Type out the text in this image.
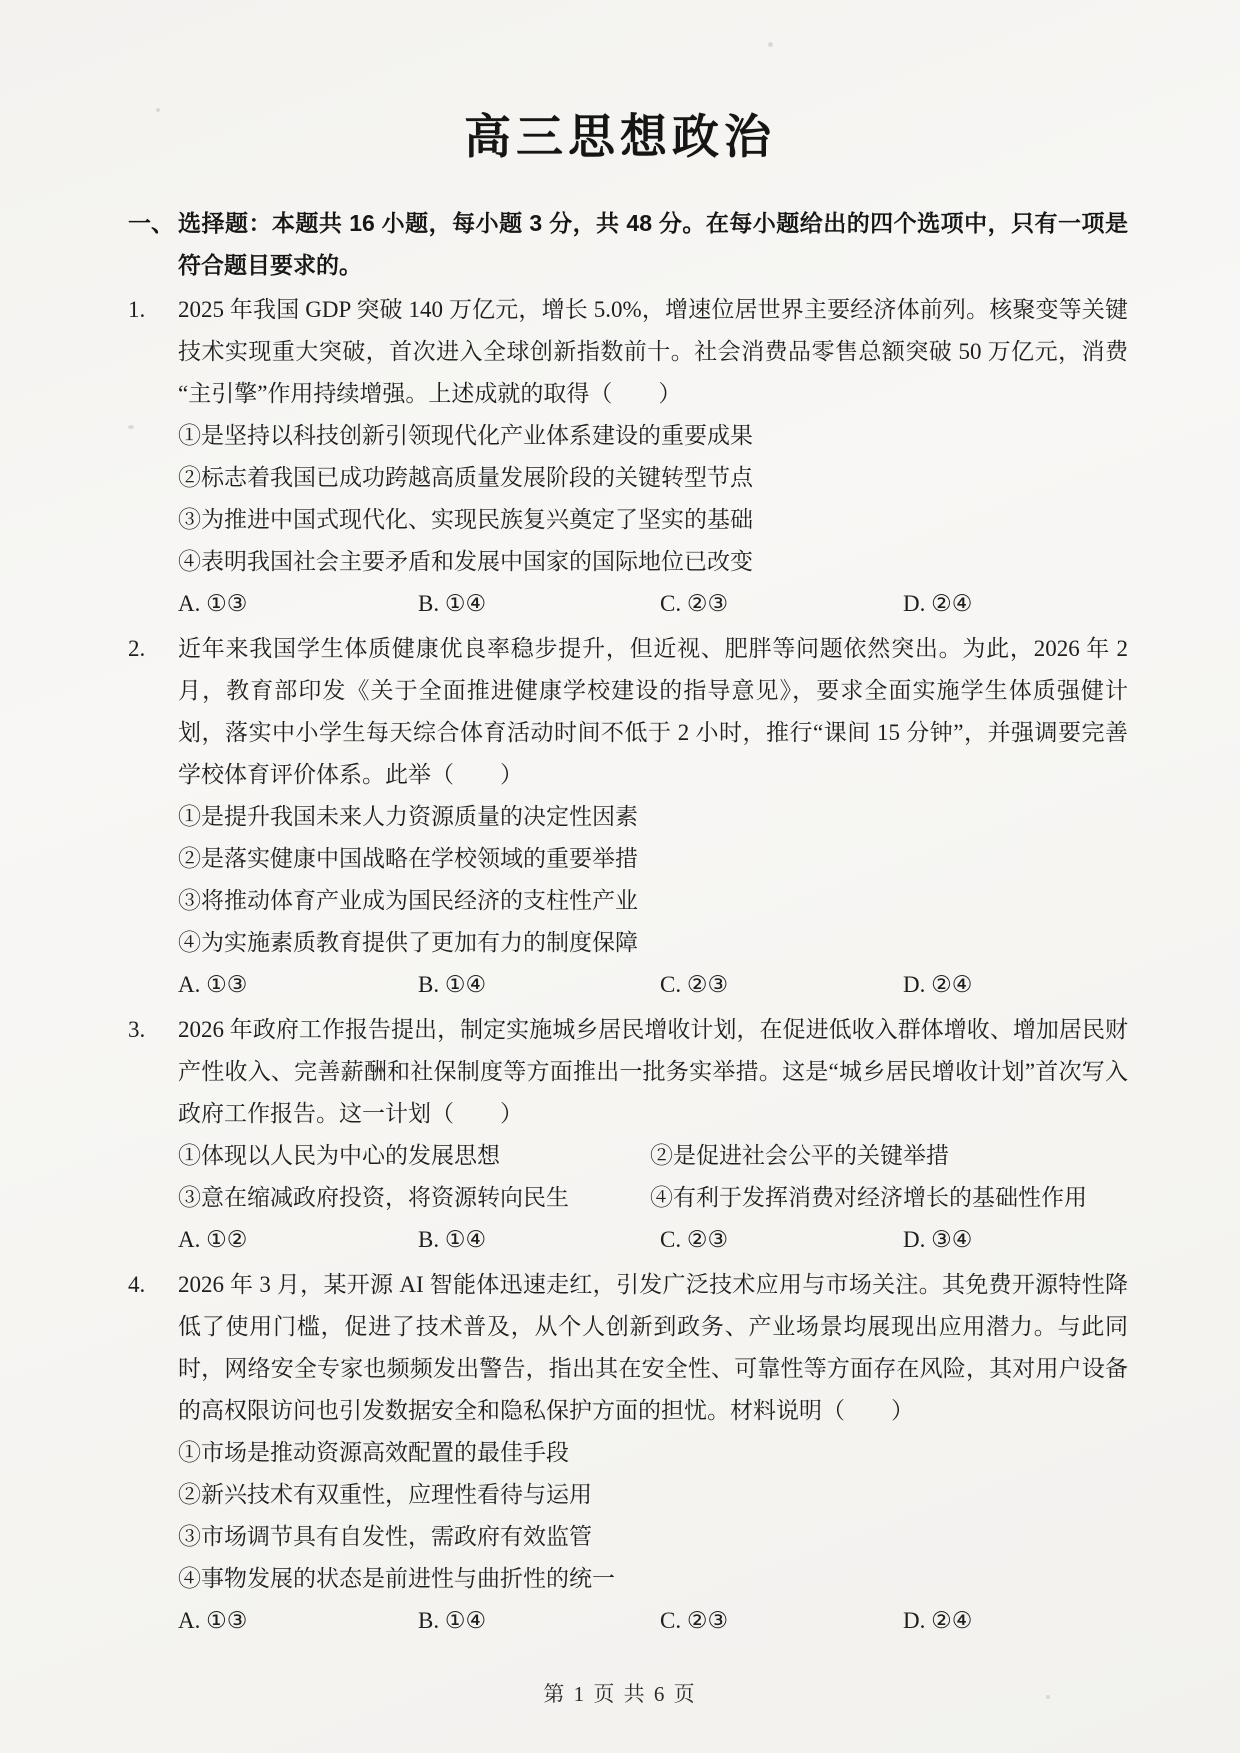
高三思想政治
一、 选择题：本题共 16 小题，每小题 3 分，共 48 分。在每小题给出的四个选项中，只有一项是符合题目要求的。
1.	2025 年我国 GDP 突破 140 万亿元，增长 5.0%，增速位居世界主要经济体前列。核聚变等关键技术实现重大突破，首次进入全球创新指数前十。社会消费品零售总额突破 50 万亿元，消费“主引擎”作用持续增强。上述成就的取得（　　）

①是坚持以科技创新引领现代化产业体系建设的重要成果
②标志着我国已成功跨越高质量发展阶段的关键转型节点
③为推进中国式现代化、实现民族复兴奠定了坚实的基础
④表明我国社会主要矛盾和发展中国家的国际地位已改变
A. ①③	B. ①④	C. ②③	D. ②④
2.	近年来我国学生体质健康优良率稳步提升，但近视、肥胖等问题依然突出。为此，2026 年 2 月，教育部印发《关于全面推进健康学校建设的指导意见》，要求全面实施学生体质强健计划，落实中小学生每天综合体育活动时间不低于 2 小时，推行“课间 15 分钟”，并强调要完善学校体育评价体系。此举（　　）

①是提升我国未来人力资源质量的决定性因素
②是落实健康中国战略在学校领域的重要举措
③将推动体育产业成为国民经济的支柱性产业
④为实施素质教育提供了更加有力的制度保障
A. ①③	B. ①④	C. ②③	D. ②④
3.	2026 年政府工作报告提出，制定实施城乡居民增收计划，在促进低收入群体增收、增加居民财产性收入、完善薪酬和社保制度等方面推出一批务实举措。这是“城乡居民增收计划”首次写入政府工作报告。这一计划（　　）

①体现以人民为中心的发展思想	②是促进社会公平的关键举措
③意在缩减政府投资，将资源转向民生	④有利于发挥消费对经济增长的基础性作用
A. ①②	B. ①④	C. ②③	D. ③④
4.	2026 年 3 月，某开源 AI 智能体迅速走红，引发广泛技术应用与市场关注。其免费开源特性降低了使用门槛，促进了技术普及，从个人创新到政务、产业场景均展现出应用潜力。与此同时，网络安全专家也频频发出警告，指出其在安全性、可靠性等方面存在风险，其对用户设备的高权限访问也引发数据安全和隐私保护方面的担忧。材料说明（　　）

①市场是推动资源高效配置的最佳手段
②新兴技术有双重性，应理性看待与运用
③市场调节具有自发性，需政府有效监管
④事物发展的状态是前进性与曲折性的统一
A. ①③	B. ①④	C. ②③	D. ②④
第 1 页 共 6 页
